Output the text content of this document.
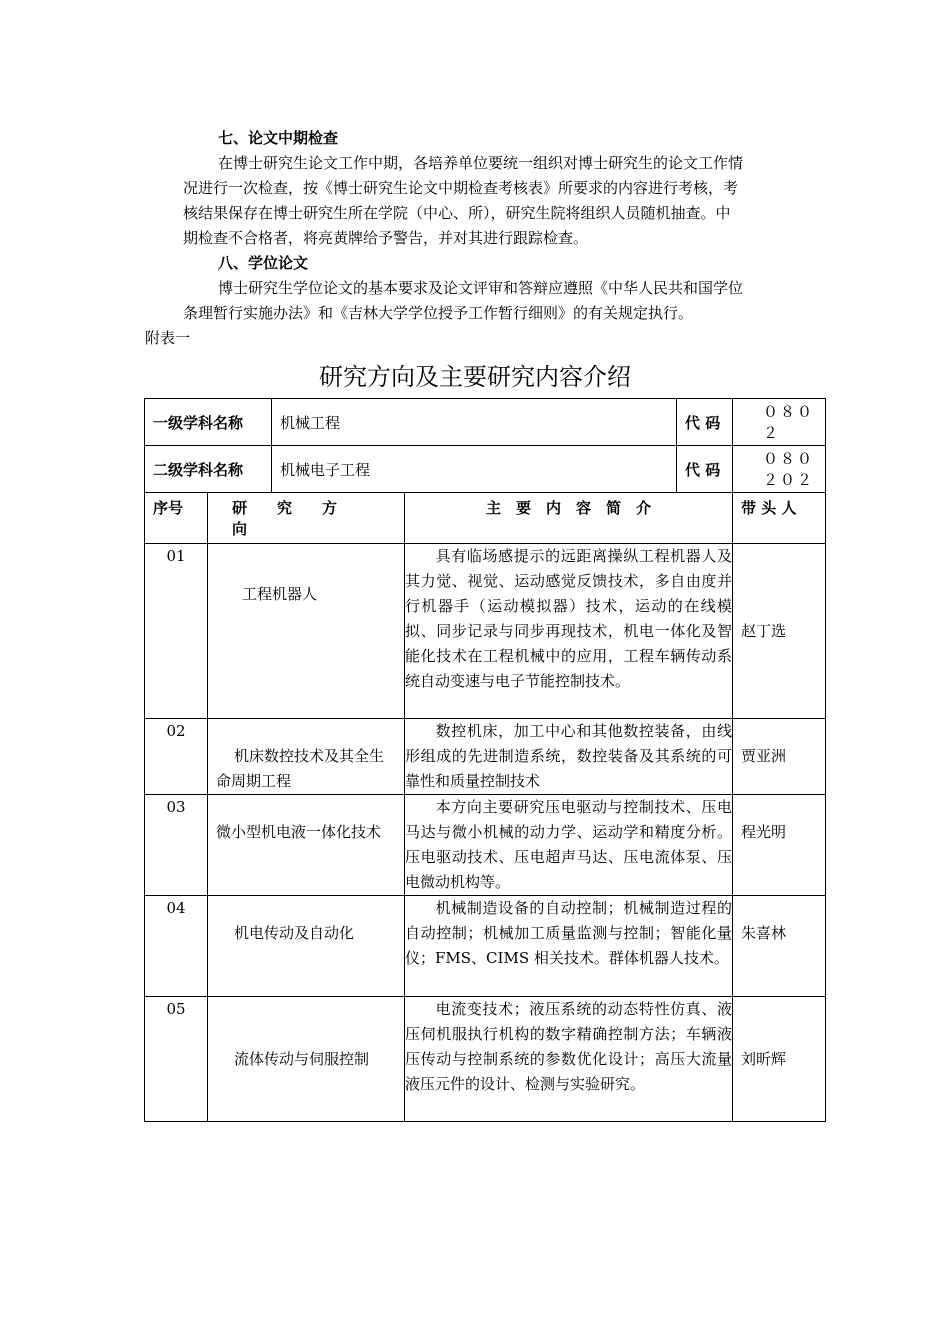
七、论文中期检查
在博士研究生论文工作中期，各培养单位要统一组织对博士研究生的论文工作情
况进行一次检查，按《博士研究生论文中期检查考核表》所要求的内容进行考核，考
核结果保存在博士研究生所在学院（中心、所），研究生院将组织人员随机抽查。中
期检查不合格者，将亮黄牌给予警告，并对其进行跟踪检查。
八、学位论文
博士研究生学位论文的基本要求及论文评审和答辩应遵照《中华人民共和国学位
条理暂行实施办法》和《吉林大学学位授予工作暂行细则》的有关规定执行。
附表一
研究方向及主要研究内容介绍
一级学科名称		机械工程		代 码	０８０２
二级学科名称		机械电子工程		代 码	０８０２０２
序号	研　　究　　方　　向		主　要　内　容　简　介		带 头 人
01	工程机器人		具有临场感提示的远距离操纵工程机器人及其力觉、视觉、运动感觉反馈技术，多自由度并行机器手（运动模拟器）技术，运动的在线模拟、同步记录与同步再现技术，机电一体化及智能化技术在工程机械中的应用，工程车辆传动系统自动变速与电子节能控制技术。		赵丁选
02	机床数控技术及其全生命周期工程		数控机床，加工中心和其他数控装备，由线形组成的先进制造系统，数控装备及其系统的可靠性和质量控制技术		贾亚洲
03	微小型机电液一体化技术		本方向主要研究压电驱动与控制技术、压电马达与微小机械的动力学、运动学和精度分析。压电驱动技术、压电超声马达、压电流体泵、压电微动机构等。		程光明
04	机电传动及自动化		机械制造设备的自动控制；机械制造过程的自动控制；机械加工质量监测与控制；智能化量仪；FMS、CIMS 相关技术。群体机器人技术。		朱喜林
05	流体传动与伺服控制		电流变技术；液压系统的动态特性仿真、液压伺机服执行机构的数字精确控制方法；车辆液压传动与控制系统的参数优化设计；高压大流量液压元件的设计、检测与实验研究。		刘昕辉
